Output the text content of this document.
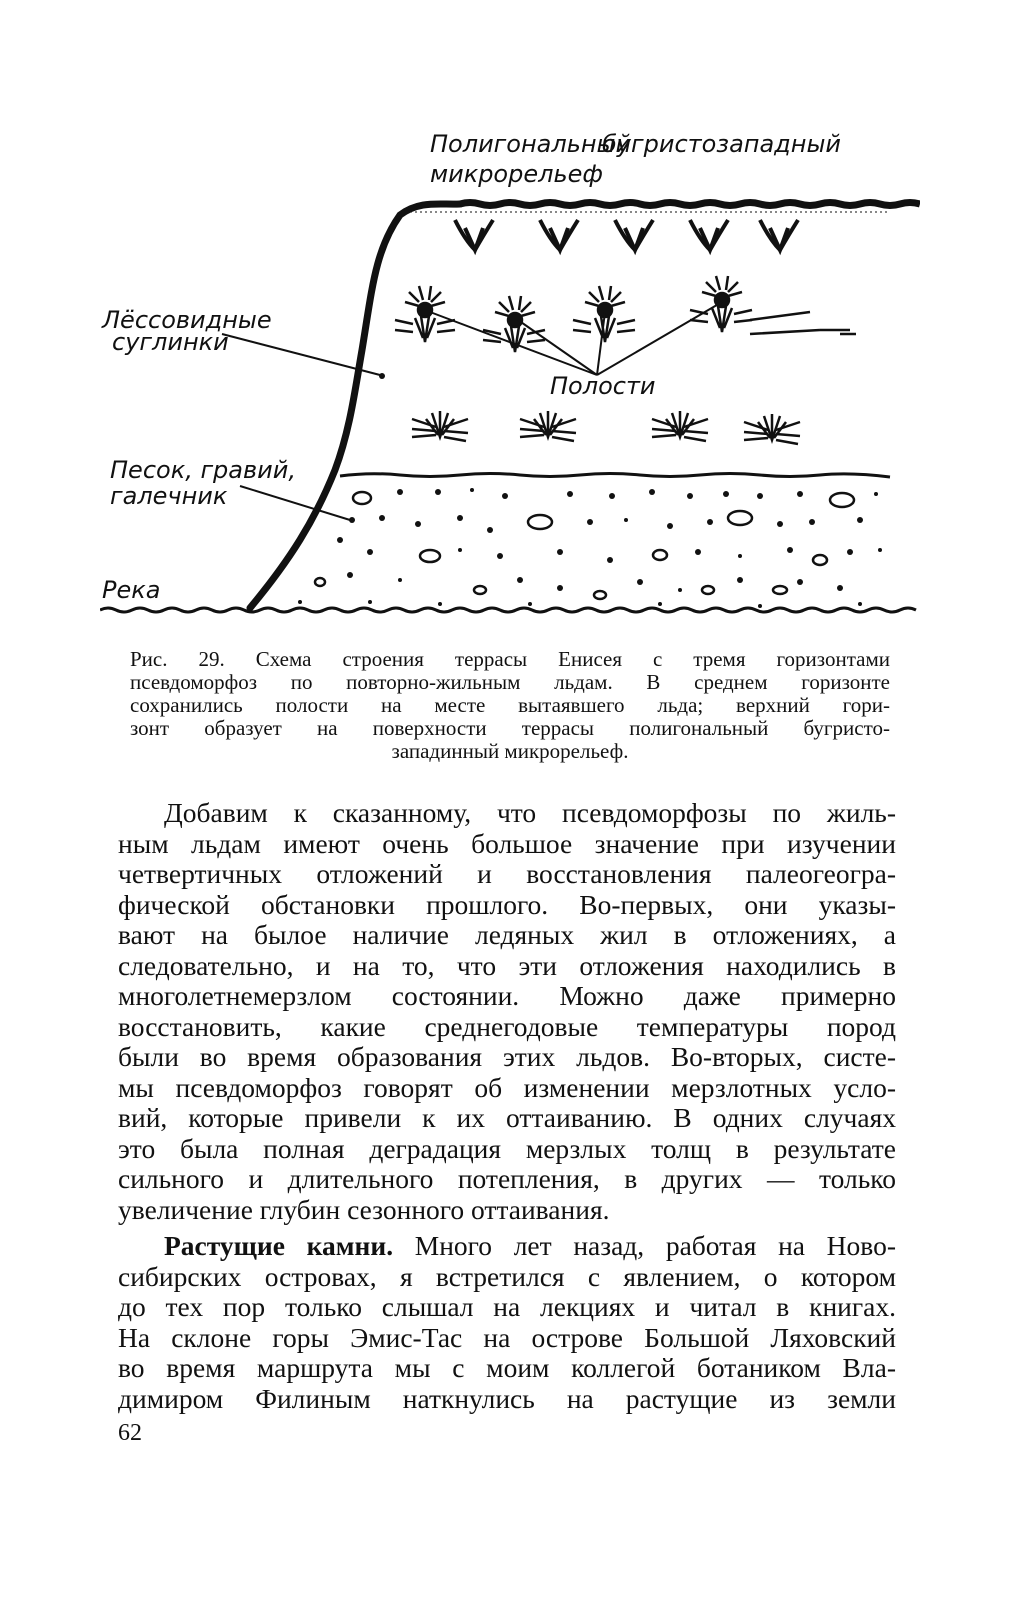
Полигональный
бугристозападный
микрорельеф
Лёссовидные
суглинки
Полости
Песок, гравий,
галечник
Река
Рис. 29. Схема строения террасы Енисея с тремя горизонтами
псевдоморфоз по повторно-жильным льдам. В среднем горизонте
сохранились полости на месте вытаявшего льда; верхний гори-
зонт образует на поверхности террасы полигональный бугристо-
западинный микрорельеф.

Добавим к сказанному, что псевдоморфозы по жиль-

ным льдам имеют очень большое значение при изучении

четвертичных отложений и восстановления палеогеогра-

фической обстановки прошлого. Во-первых, они указы-

вают на былое наличие ледяных жил в отложениях, а

следовательно, и на то, что эти отложения находились в

многолетнемерзлом состоянии. Можно даже примерно

восстановить, какие среднегодовые температуры пород

были во время образования этих льдов. Во-вторых, систе-

мы псевдоморфоз говорят об изменении мерзлотных усло-

вий, которые привели к их оттаиванию. В одних случаях

это была полная деградация мерзлых толщ в результате

сильного и длительного потепления, в других — только

увеличение глубин сезонного оттаивания.

Растущие камни. Много лет назад, работая на Ново-

сибирских островах, я встретился с явлением, о котором

до тех пор только слышал на лекциях и читал в книгах.

На склоне горы Эмис-Тас на острове Большой Ляховский

во время маршрута мы с моим коллегой ботаником Вла-

димиром Филиным наткнулись на растущие из земли

62
